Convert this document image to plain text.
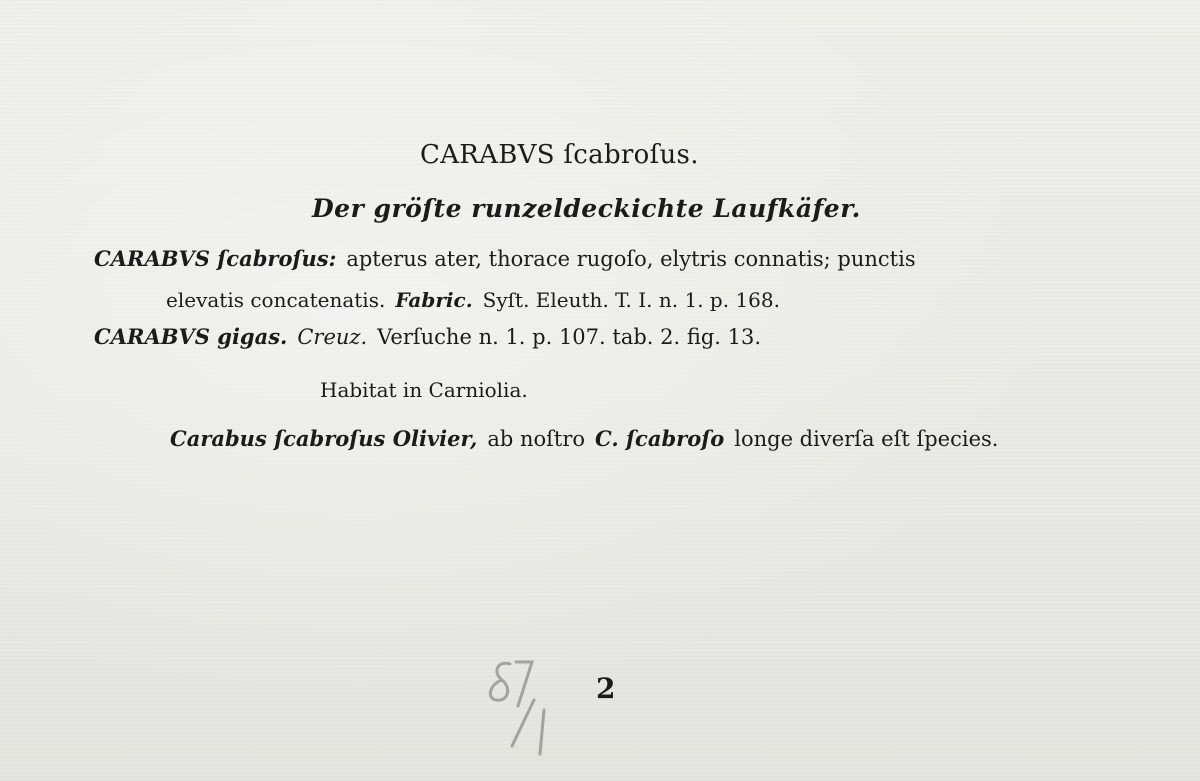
CARABVS ſcabroſus.
Der gröſte runzeldeckichte Laufkäfer.
CARABVS ſcabroſus: apterus ater, thorace rugoſo, elytris connatis; punctis
elevatis concatenatis. Fabric. Syſt. Eleuth. T. I. n. 1. p. 168.
CARABVS gigas. Creuz. Verſuche n. 1. p. 107. tab. 2. fig. 13.
Habitat in Carniolia.
Carabus ſcabroſus Olivier, ab noſtro C. ſcabroſo longe diverſa eſt ſpecies.
2
